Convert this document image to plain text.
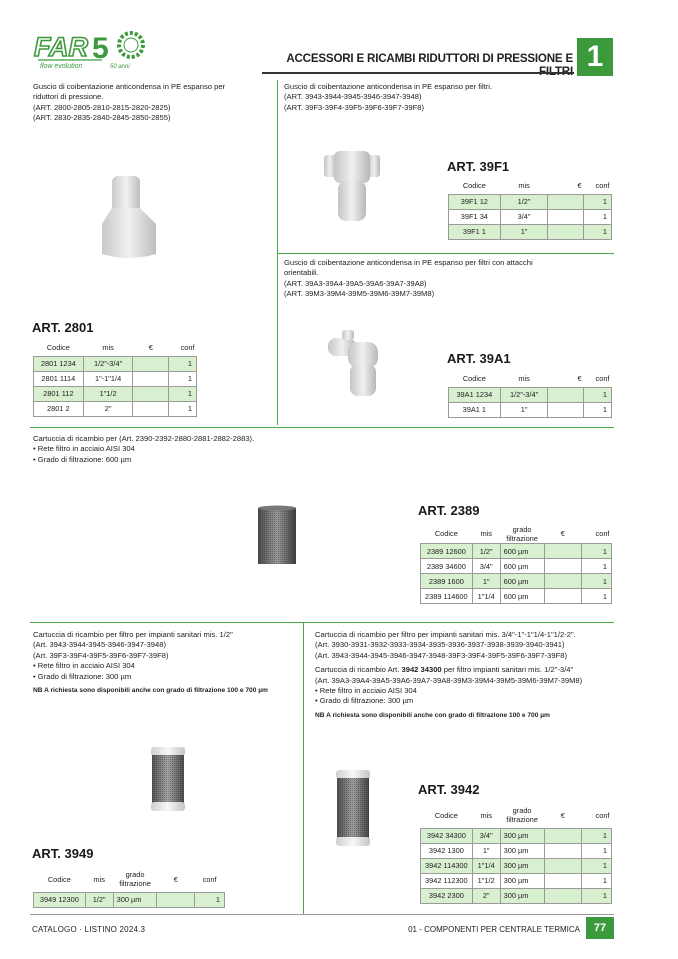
FAR 5
flow evolution	50 anni
ACCESSORI E RICAMBI RIDUTTORI DI PRESSIONE E 1
Guscio di coibentazione anticondensa in PE espanso per
riduttori di pressione.
(ART. 2800-2805-2810-2815-2820-2825)
(ART. 2830-2835-2840-2845-2850-2855)
ART. 2801
Codice	mis	€	conf
2801 1234	1/2"-3/4"		1
2801 1114	1"-1"1/4		1
2801 112	1"1/2		1
2801 2	2"		1
Guscio di coibentazione anticondensa in PE espanso per filtri.
(ART. 3943-3944-3945-3946-3947-3948)
(ART. 39F3-39F4-39F5-39F6-39F7-39F8)
ART. 39F1
Codice	mis	€	conf
39F1 12	1/2"		1
39F1 34	3/4"		1
39F1 1	1"		1
Guscio di coibentazione anticondensa in PE espanso per filtri con attacchi
orientabili.
(ART. 39A3-39A4-39A5-39A6-39A7-39A8)
(ART. 39M3-39M4-39M5-39M6-39M7-39M8)
ART. 39A1
Codice	mis	€	conf
39A1 1234	1/2"-3/4"		1
39A1 1	1"		1
Cartuccia di ricambio per (Art. 2390-2392-2880-2881-2882-2883).
• Rete filtro in acciaio AISI 304
• Grado di filtrazione: 600 µm
ART. 2389
Codice	mis	grado filtrazione	€	conf
2389 12600	1/2"	600 µm		1
2389 34600	3/4"	600 µm		1
2389 1600	1"	600 µm		1
2389 114600	1"1/4	600 µm		1
Cartuccia di ricambio per filtro per impianti sanitari mis. 1/2"
(Art. 3943-3944-3945-3946-3947-3948)
(Art. 39F3-39F4-39F5-39F6-39F7-39F8)
• Rete filtro in acciaio AISI 304
• Grado di filtrazione: 300 µm
NB A richiesta sono disponibili anche con grado di filtrazione 100 e 700 µm
ART. 3949
Codice	mis	grado filtrazione	€	conf
3949 12300	1/2"	300 µm		1
Cartuccia di ricambio per filtro per impianti sanitari mis. 3/4"-1"-1"1/4-1"1/2-2".
(Art. 3930-3931-3932-3933-3934-3935-3936-3937-3938-3939-3940-3941)
(Art. 3943-3944-3945-3946-3947-3948-39F3-39F4-39F5-39F6-39F7-39F8)
Cartuccia di ricambio Art. 3942 34300 per filtro impianti sanitari mis. 1/2"-3/4"
(Art. 39A3-39A4-39A5-39A6-39A7-39A8-39M3-39M4-39M5-39M6-39M7-39M8)
• Rete filtro in acciaio AISI 304
• Grado di filtrazione: 300 µm
NB A richiesta sono disponibili anche con grado di filtrazione 100 e 700 µm
ART. 3942
Codice	mis	grado filtrazione	€	conf
3942 34300	3/4"	300 µm		1
3942 1300	1"	300 µm		1
3942 114300	1"1/4	300 µm		1
3942 112300	1"1/2	300 µm		1
3942 2300	2"	300 µm		1
CATALOGO · LISTINO 2024.3	01 - COMPONENTI PER CENTRALE TERMICA	77
